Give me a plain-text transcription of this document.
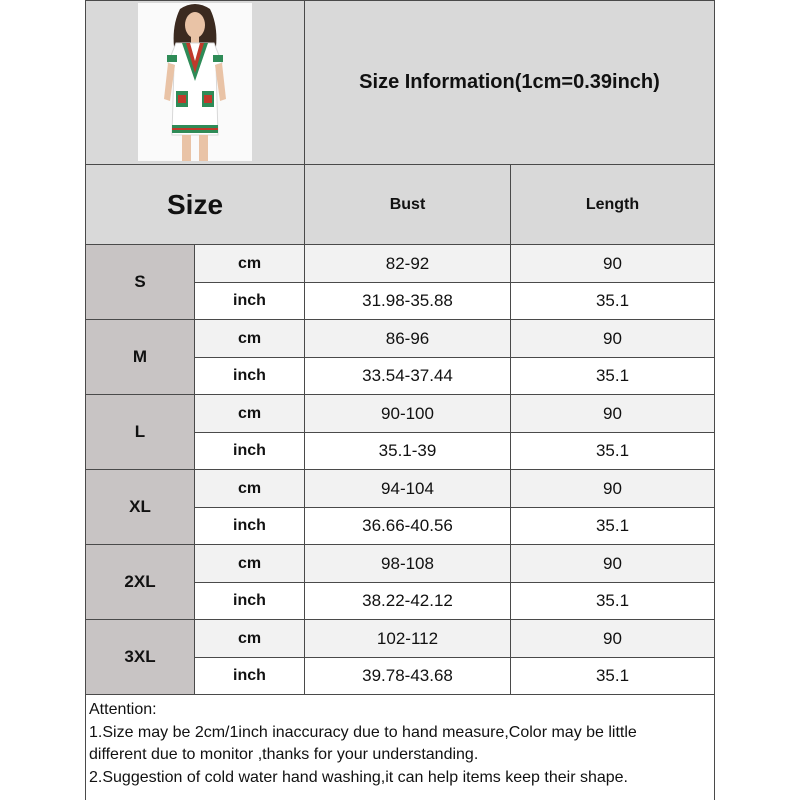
Size Information(1cm=0.39inch)
Size	Bust	Length
S
cm	82-92	90
inch	31.98-35.88	35.1
M
cm	86-96	90
inch	33.54-37.44	35.1
L
cm	90-100	90
inch	35.1-39	35.1
XL
cm	94-104	90
inch	36.66-40.56	35.1
2XL
cm	98-108	90
inch	38.22-42.12	35.1
3XL
cm	102-112	90
inch	39.78-43.68	35.1
Attention:
1.Size may be 2cm/1inch inaccuracy due to hand measure,Color may be little
different due to monitor ,thanks for your understanding.
2.Suggestion of cold water hand washing,it can help items keep their shape.
